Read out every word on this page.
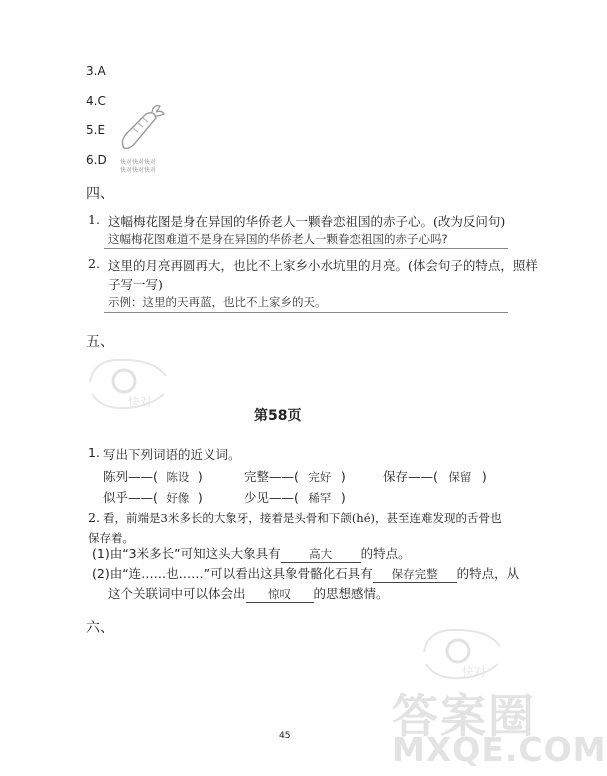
3.A
4.C
5.E
6.D 快对快对快对
快对快对快对
四、
1. 这幅梅花图是身在异国的华侨老人一颗眷恋祖国的赤子心。(改为反问句)
这幅梅花图难道不是身在异国的华侨老人一颗眷恋祖国的赤子心吗?
2. 这里的月亮再圆再大，也比不上家乡小水坑里的月亮。(体会句子的特点，照样
子写一写)
示例：这里的天再蓝，也比不上家乡的天。
五、
快对
第58页
1. 写出下列词语的近义词。
陈列——( 陈设 )	完整——( 完好 )	保存——( 保留 )
似乎——( 好像 )	少见——( 稀罕 )
2. 看，前端是3米多长的大象牙，接着是头骨和下颌(hé)，甚至连难发现的舌骨也
保存着。
(1)由“3米多长”可知这头大象具有 高大 的特点。
(2)由“连……也……”可以看出这具象骨骼化石具有 保存完整 的特点，从
这个关联词中可以体会出 惊叹 的思想感情。
六、
快对
答案圈
MXQE.COM
45
